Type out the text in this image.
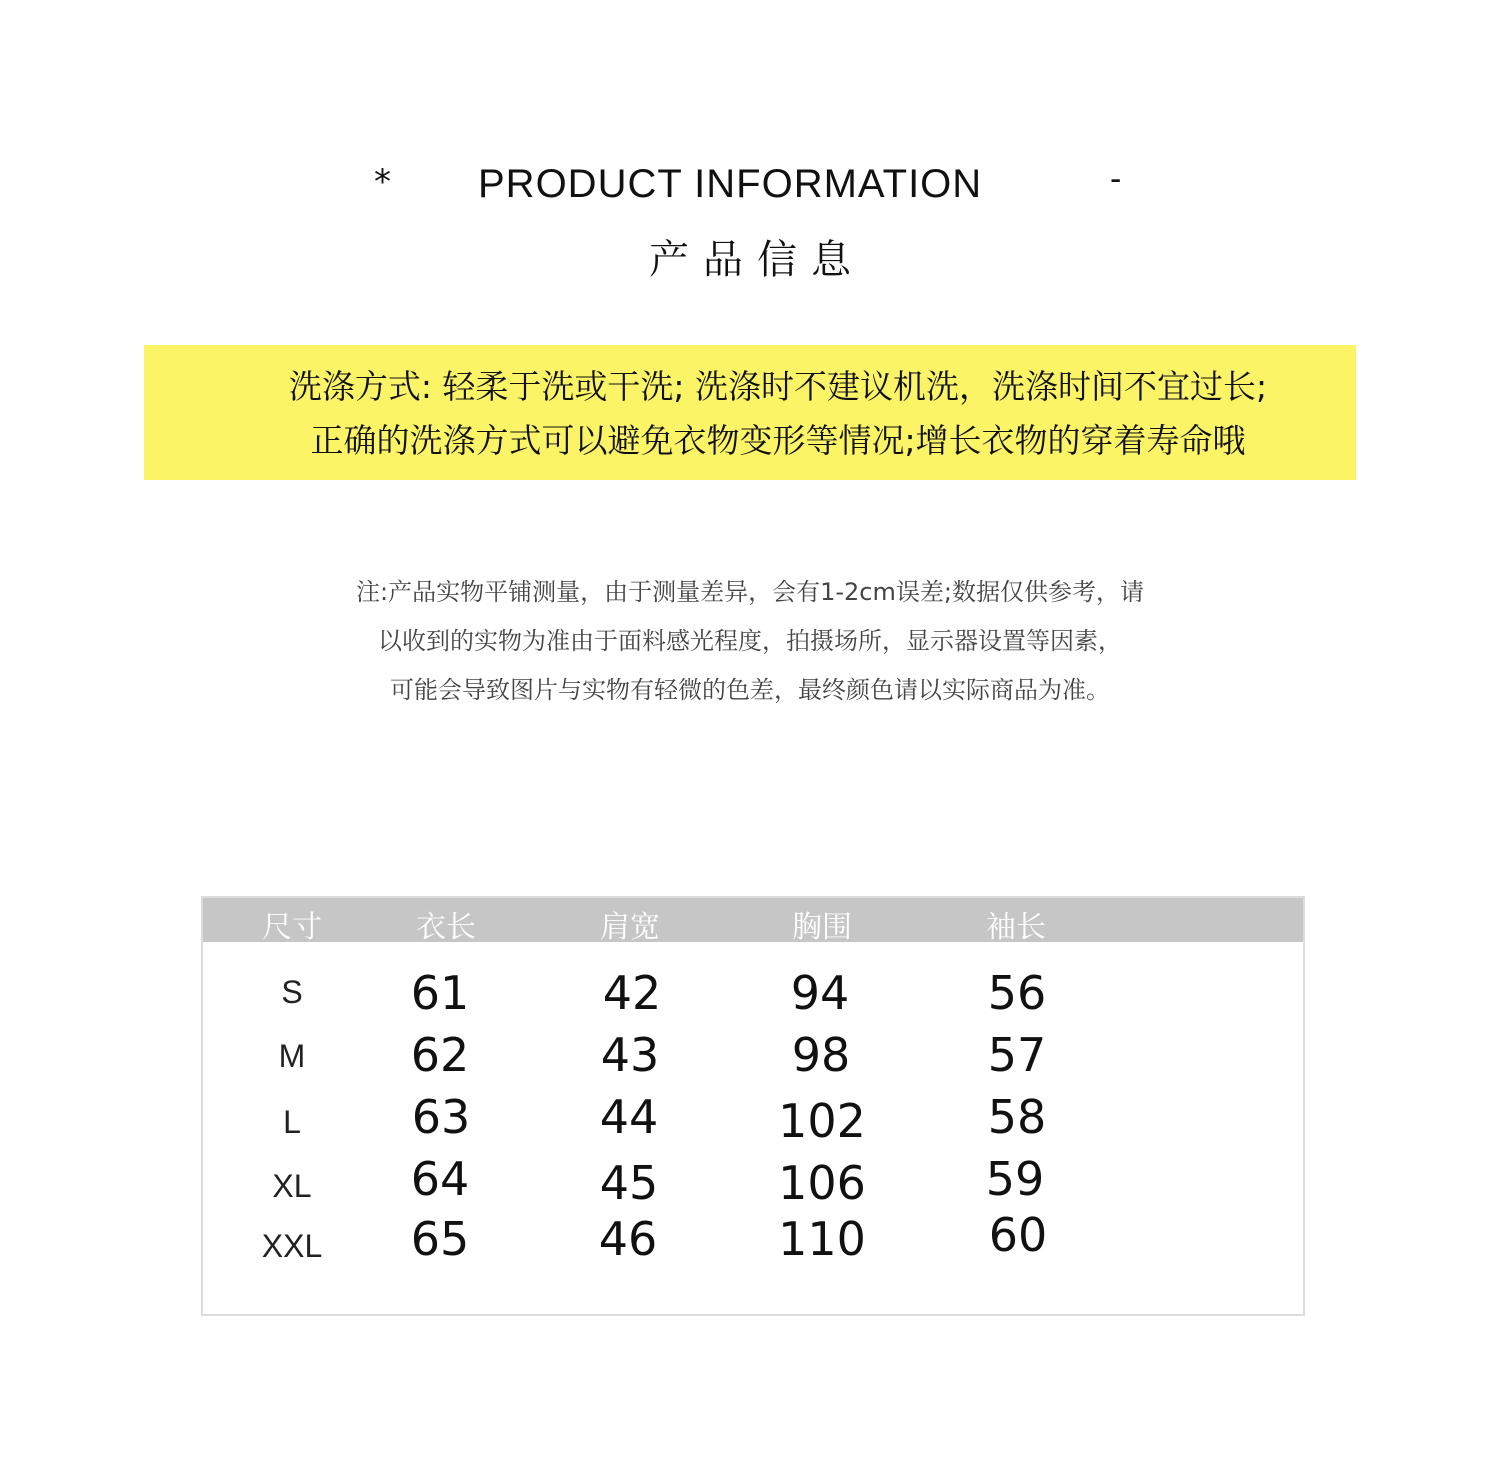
* PRODUCT INFORMATION	-
产品信息
洗涤方式: 轻柔于洗或干洗; 洗涤时不建议机洗，洗涤时间不宜过长;
正确的洗涤方式可以避免衣物变形等情况;增长衣物的穿着寿命哦
注:产品实物平铺测量，由于测量差异，会有1-2cm误差;数据仅供参考，请
以收到的实物为准由于面料感光程度，拍摄场所，显示器设置等因素，
可能会导致图片与实物有轻微的色差，最终颜色请以实际商品为准。
尺寸	衣长	肩宽	胸围	袖长
S 61	42	94	56
M 62	43	98	57
L 63	44	102	58
XL 64	45	106	59
XXL 65	46	110	60
